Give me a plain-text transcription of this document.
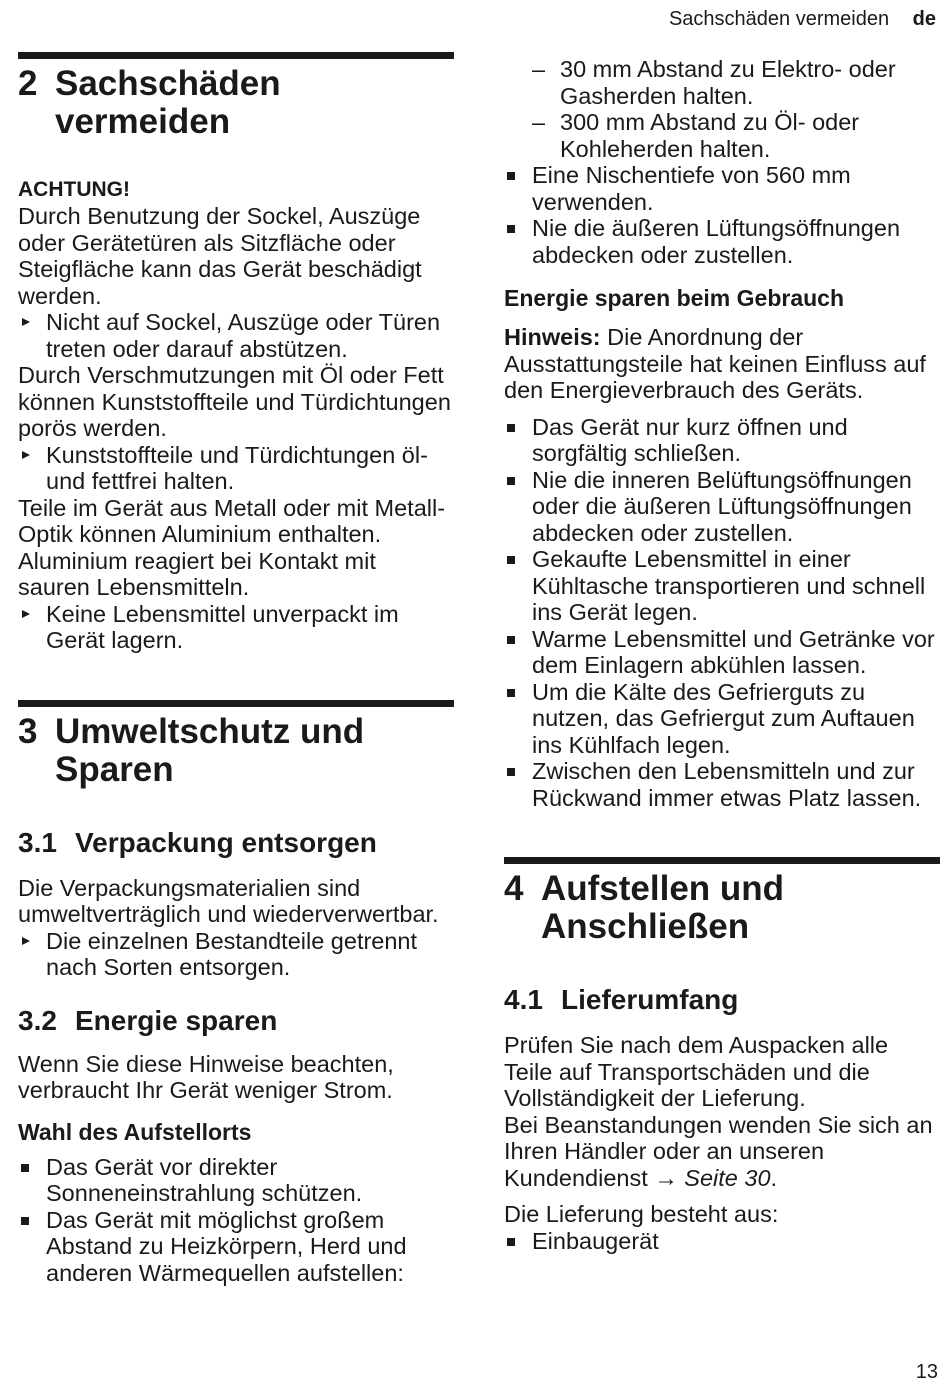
Sachschäden vermeiden de
2 Sachschäden vermeiden
ACHTUNG!

Durch Benutzung der Sockel, Auszüge oder Gerätetüren als Sitzfläche oder Steigfläche kann das Gerät beschädigt werden.

Nicht auf Sockel, Auszüge oder Türen treten oder darauf abstützen.

Durch Verschmutzungen mit Öl oder Fett können Kunststoffteile und Türdichtungen porös werden.

Kunststoffteile und Türdichtungen öl- und fettfrei halten.

Teile im Gerät aus Metall oder mit Metall-Optik können Aluminium enthalten. Aluminium reagiert bei Kontakt mit sauren Lebensmitteln.

Keine Lebensmittel unverpackt im Gerät lagern.
3 Umweltschutz und Sparen
3.1 Verpackung entsorgen

Die Verpackungsmaterialien sind umweltverträglich und wiederverwertbar.

Die einzelnen Bestandteile getrennt nach Sorten entsorgen.
3.2 Energie sparen

Wenn Sie diese Hinweise beachten, verbraucht Ihr Gerät weniger Strom.

Wahl des Aufstellorts
Das Gerät vor direkter Sonneneinstrahlung schützen.
Das Gerät mit möglichst großem Abstand zu Heizkörpern, Herd und anderen Wärmequellen aufstellen:
– 30 mm Abstand zu Elektro- oder Gasherden halten.
– 300 mm Abstand zu Öl- oder Kohleherden halten.
Eine Nischentiefe von 560 mm verwenden.
Nie die äußeren Lüftungsöffnungen abdecken oder zustellen.
Energie sparen beim Gebrauch

Hinweis: Die Anordnung der Ausstattungsteile hat keinen Einfluss auf den Energieverbrauch des Geräts.

Das Gerät nur kurz öffnen und sorgfältig schließen.
Nie die inneren Belüftungsöffnungen oder die äußeren Lüftungsöffnungen abdecken oder zustellen.
Gekaufte Lebensmittel in einer Kühltasche transportieren und schnell ins Gerät legen.
Warme Lebensmittel und Getränke vor dem Einlagern abkühlen lassen.
Um die Kälte des Gefrierguts zu nutzen, das Gefriergut zum Auftauen ins Kühlfach legen.
Zwischen den Lebensmitteln und zur Rückwand immer etwas Platz lassen.
4 Aufstellen und Anschließen
4.1 Lieferumfang

Prüfen Sie nach dem Auspacken alle Teile auf Transportschäden und die Vollständigkeit der Lieferung.

Bei Beanstandungen wenden Sie sich an Ihren Händler oder an unseren Kundendienst → Seite 30.

Die Lieferung besteht aus:

Einbaugerät
13
